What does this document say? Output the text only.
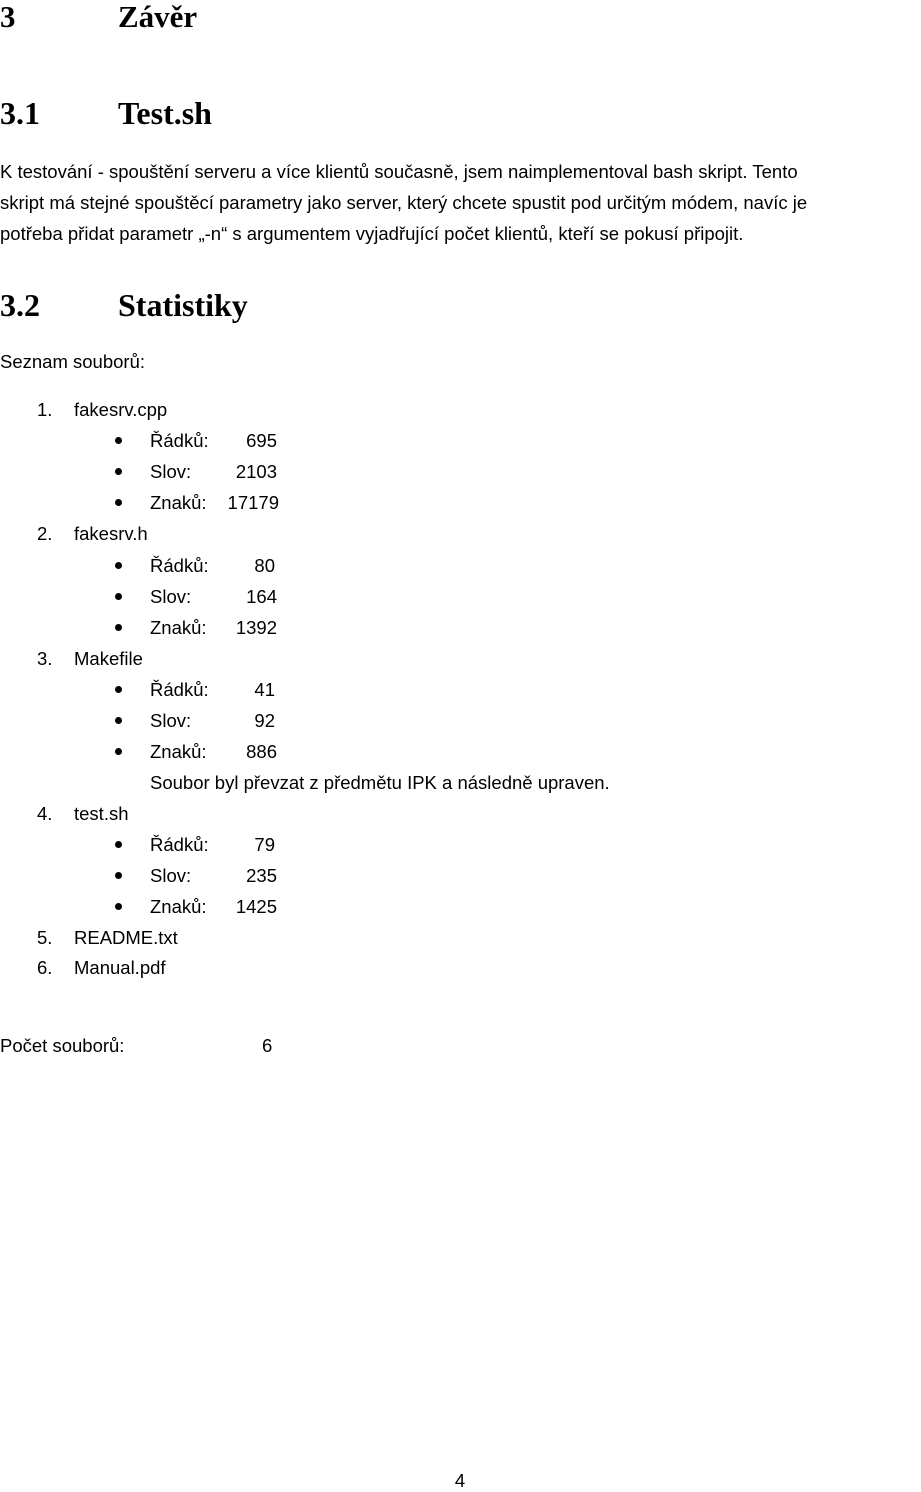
3	Závěr
3.1 Test.sh
K testování - spouštění serveru a více klientů současně, jsem naimplementoval bash skript. Tento
skript má stejné spouštěcí parametry jako server, který chcete spustit pod určitým módem, navíc je
potřeba přidat parametr „-n“ s argumentem vyjadřující počet klientů, kteří se pokusí připojit.
3.2 Statistiky
Seznam souborů:
1. fakesrv.cpp
Řádků:	695
Slov:	2103
Znaků:	17179
2. fakesrv.h
Řádků:	80
Slov:	164
Znaků:	1392
3. Makefile
Řádků:	41
Slov:	92
Znaků:	886
Soubor byl převzat z předmětu IPK a následně upraven.
4. test.sh
Řádků:	79
Slov:	235
Znaků:	1425
5. README.txt
6. Manual.pdf
Počet souborů:	6
4
